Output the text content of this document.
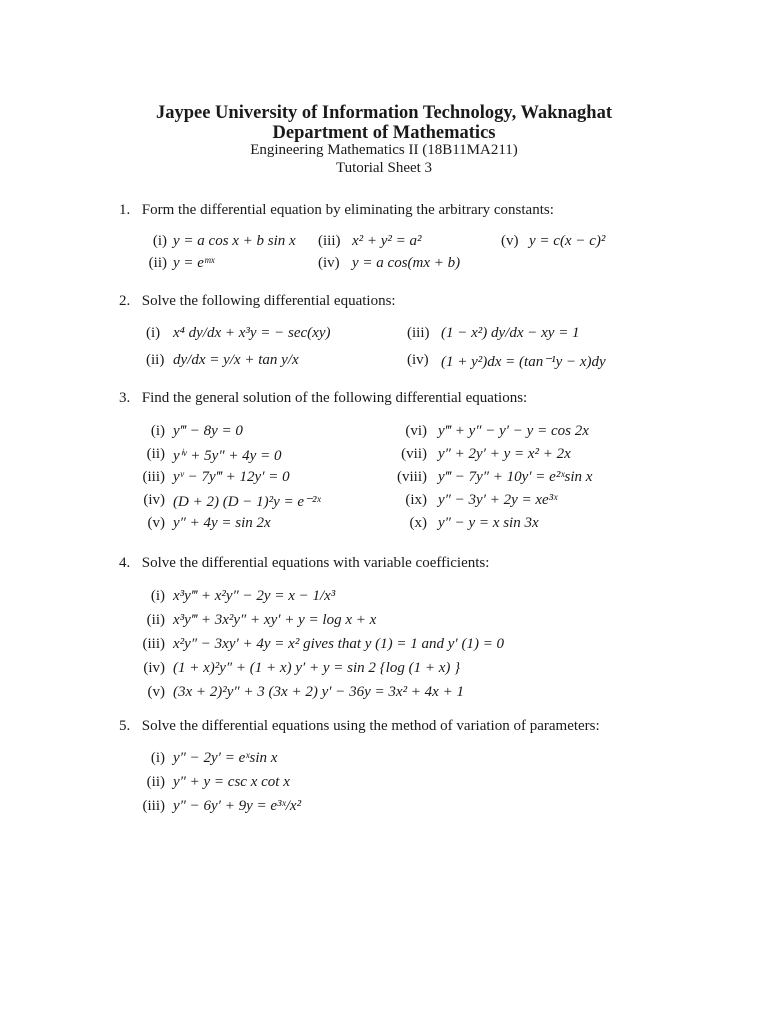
Jaypee University of Information Technology, Waknaghat
Department of Mathematics
Engineering Mathematics II (18B11MA211)
Tutorial Sheet 3
1. Form the differential equation by eliminating the arbitrary constants:
(i) y = a cos x + b sin x
(ii) y = eᵐˣ
(iii) x² + y² = a²
(iv) y = a cos(mx + b)
(v) y = c(x − c)²
2. Solve the following differential equations:
(i) x⁴ dy/dx + x³y = − sec(xy)
(ii) dy/dx = y/x + tan y/x
(iii) (1 − x²) dy/dx − xy = 1
(iv) (1 + y²)dx = (tan⁻¹y − x)dy
3. Find the general solution of the following differential equations:
(i) y‴ − 8y = 0
(ii) yⁱᵛ + 5y″ + 4y = 0
(iii) yᵛ − 7y‴ + 12y′ = 0
(iv) (D + 2) (D − 1)²y = e⁻²ˣ
(v) y″ + 4y = sin 2x
(vi) y‴ + y″ − y′ − y = cos 2x
(vii) y″ + 2y′ + y = x² + 2x
(viii) y‴ − 7y″ + 10y′ = e²ˣsin x
(ix) y″ − 3y′ + 2y = xe³ˣ
(x) y″ − y = x sin 3x
4. Solve the differential equations with variable coefficients:
(i) x³y‴ + x²y″ − 2y = x − 1/x³
(ii) x³y‴ + 3x²y″ + xy′ + y = log x + x
(iii) x²y″ − 3xy′ + 4y = x² gives that y (1) = 1 and y′ (1) = 0
(iv) (1 + x)²y″ + (1 + x) y′ + y = sin 2 {log (1 + x) }
(v) (3x + 2)²y″ + 3 (3x + 2) y′ − 36y = 3x² + 4x + 1
5. Solve the differential equations using the method of variation of parameters:
(i) y″ − 2y′ = eˣsin x
(ii) y″ + y = csc x cot x
(iii) y″ − 6y′ + 9y = e³ˣ/x²
